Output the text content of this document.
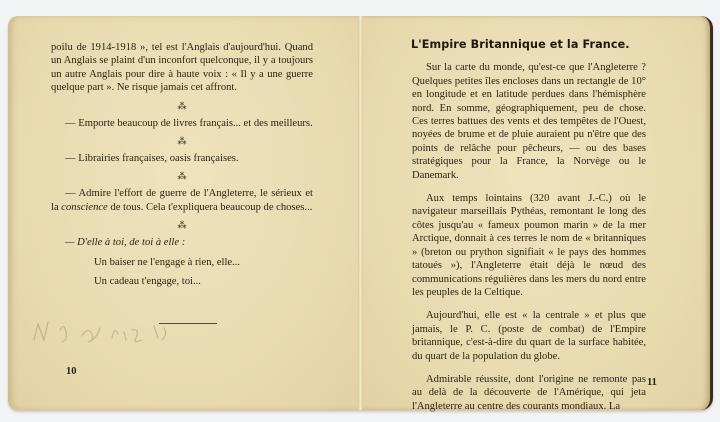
poilu de 1914-1918 », tel est l'Anglais d'aujourd'hui. Quand un Anglais se plaint d'un inconfort quelconque, il y a toujours un autre Anglais pour dire à haute voix : « Il y a une guerre quelque part ». Ne risque jamais cet affront.

⁂

— Emporte beaucoup de livres français... et des meilleurs.

⁂

— Librairies françaises, oasis françaises.

⁂

— Admire l'effort de guerre de l'Angleterre, le sérieux et la conscience de tous. Cela t'expliquera beaucoup de choses...

⁂

— D'elle à toi, de toi à elle :

Un baiser ne l'engage à rien, elle...

Un cadeau t'engage, toi...

10
L'Empire Britannique et la France.

Sur la carte du monde, qu'est-ce que l'Angleterre ? Quelques petites îles encloses dans un rectangle de 10° en longitude et en latitude perdues dans l'hémisphère nord. En somme, géographiquement, peu de chose. Ces terres battues des vents et des tempêtes de l'Ouest, noyées de brume et de pluie auraient pu n'être que des points de relâche pour pêcheurs, — ou des bases stratégiques pour la France, la Norvège ou le Danemark.

Aux temps lointains (320 avant J.-C.) où le navigateur marseillais Pythéas, remontant le long des côtes jusqu'au « fameux poumon marin » de la mer Arctique, donnait à ces terres le nom de « britanniques » (breton ou prython signifiait « le pays des hommes tatoués »), l'Angleterre était déjà le nœud des communications régulières dans les mers du nord entre les peuples de la Celtique.

Aujourd'hui, elle est « la centrale » et plus que jamais, le P. C. (poste de combat) de l'Empire britannique, c'est-à-dire du quart de la surface habitée, du quart de la population du globe.

Admirable réussite, dont l'origine ne remonte pas au delà de la découverte de l'Amérique, qui jeta l'Angleterre au centre des courants mondiaux. La

11
